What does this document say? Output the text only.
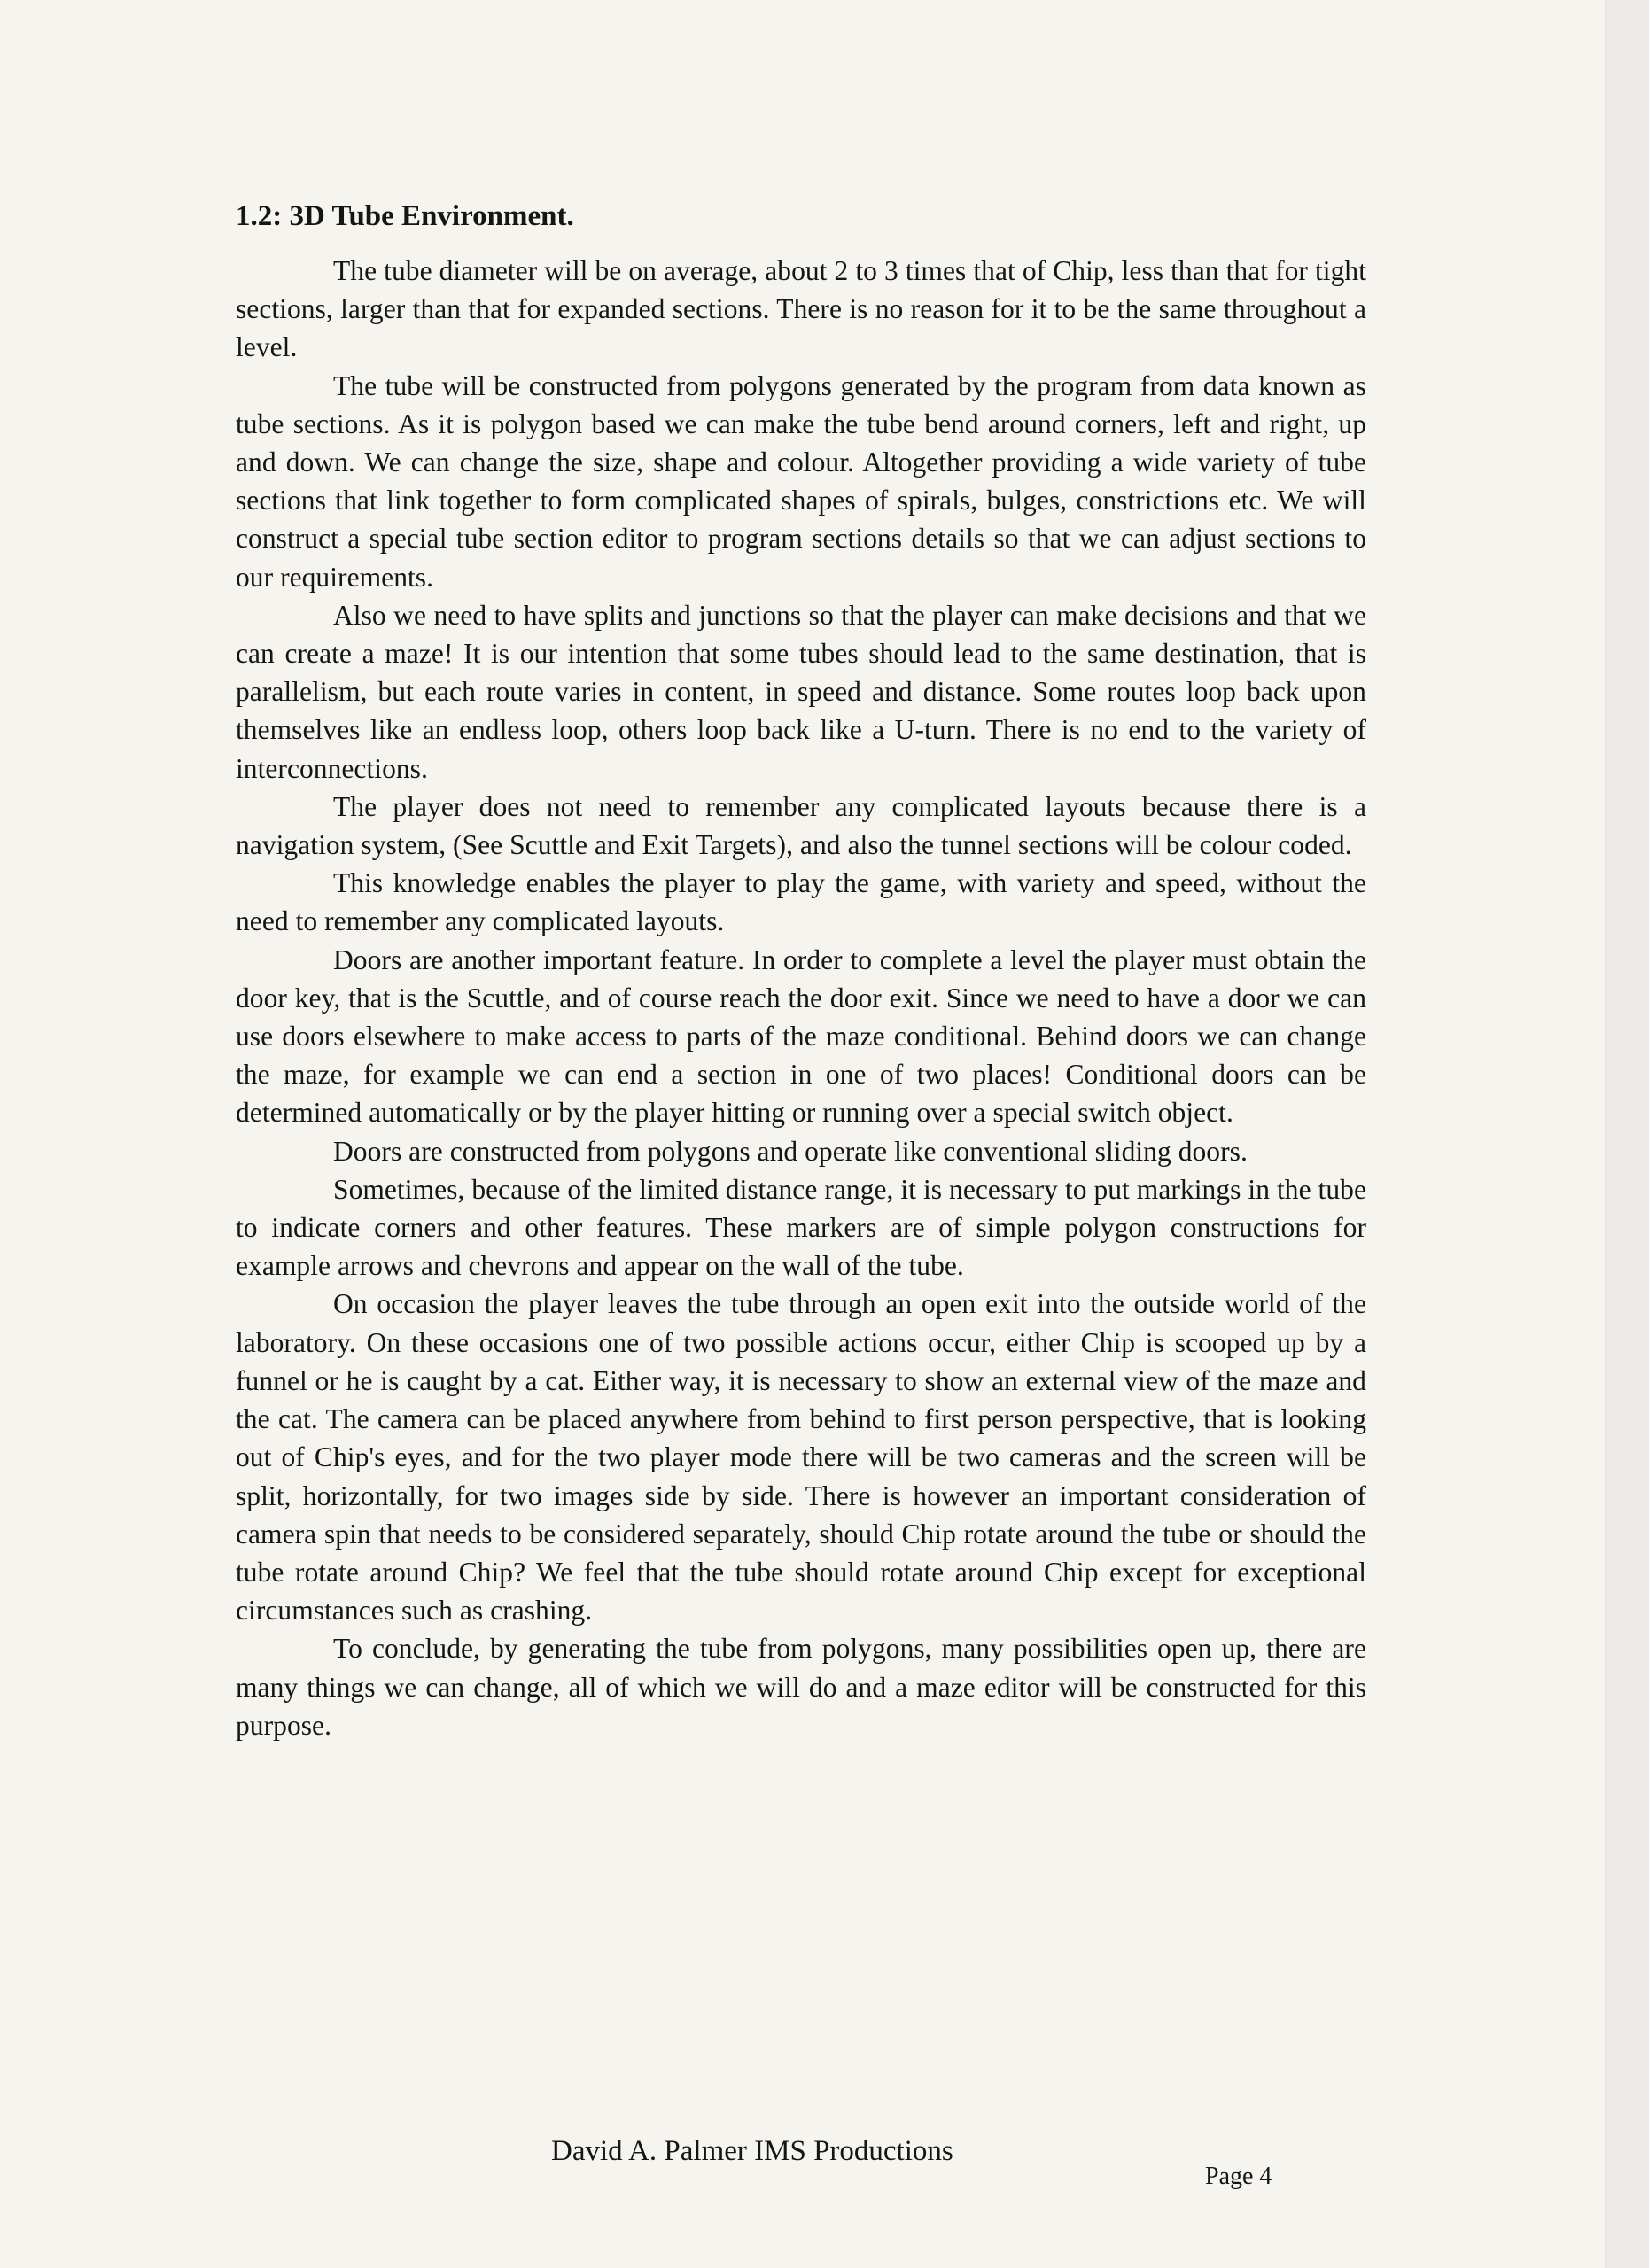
1.2: 3D Tube Environment.

The tube diameter will be on average, about 2 to 3 times that of Chip, less than that for tight sections, larger than that for expanded sections. There is no reason for it to be the same throughout a level.

The tube will be constructed from polygons generated by the program from data known as tube sections. As it is polygon based we can make the tube bend around corners, left and right, up and down. We can change the size, shape and colour. Altogether providing a wide variety of tube sections that link together to form complicated shapes of spirals, bulges, constrictions etc. We will construct a special tube section editor to program sections details so that we can adjust sections to our requirements.

Also we need to have splits and junctions so that the player can make decisions and that we can create a maze! It is our intention that some tubes should lead to the same destination, that is parallelism, but each route varies in content, in speed and distance. Some routes loop back upon themselves like an endless loop, others loop back like a U-turn. There is no end to the variety of interconnections.

The player does not need to remember any complicated layouts because there is a navigation system, (See Scuttle and Exit Targets), and also the tunnel sections will be colour coded.

This knowledge enables the player to play the game, with variety and speed, without the need to remember any complicated layouts.

Doors are another important feature. In order to complete a level the player must obtain the door key, that is the Scuttle, and of course reach the door exit. Since we need to have a door we can use doors elsewhere to make access to parts of the maze conditional. Behind doors we can change the maze, for example we can end a section in one of two places! Conditional doors can be determined automatically or by the player hitting or running over a special switch object.

Doors are constructed from polygons and operate like conventional sliding doors.

Sometimes, because of the limited distance range, it is necessary to put markings in the tube to indicate corners and other features. These markers are of simple polygon constructions for example arrows and chevrons and appear on the wall of the tube.

On occasion the player leaves the tube through an open exit into the outside world of the laboratory. On these occasions one of two possible actions occur, either Chip is scooped up by a funnel or he is caught by a cat. Either way, it is necessary to show an external view of the maze and the cat. The camera can be placed anywhere from behind to first person perspective, that is looking out of Chip's eyes, and for the two player mode there will be two cameras and the screen will be split, horizontally, for two images side by side. There is however an important consideration of camera spin that needs to be considered separately, should Chip rotate around the tube or should the tube rotate around Chip? We feel that the tube should rotate around Chip except for exceptional circumstances such as crashing.

To conclude, by generating the tube from polygons, many possibilities open up, there are many things we can change, all of which we will do and a maze editor will be constructed for this purpose.

David A. Palmer IMS Productions
Page 4
